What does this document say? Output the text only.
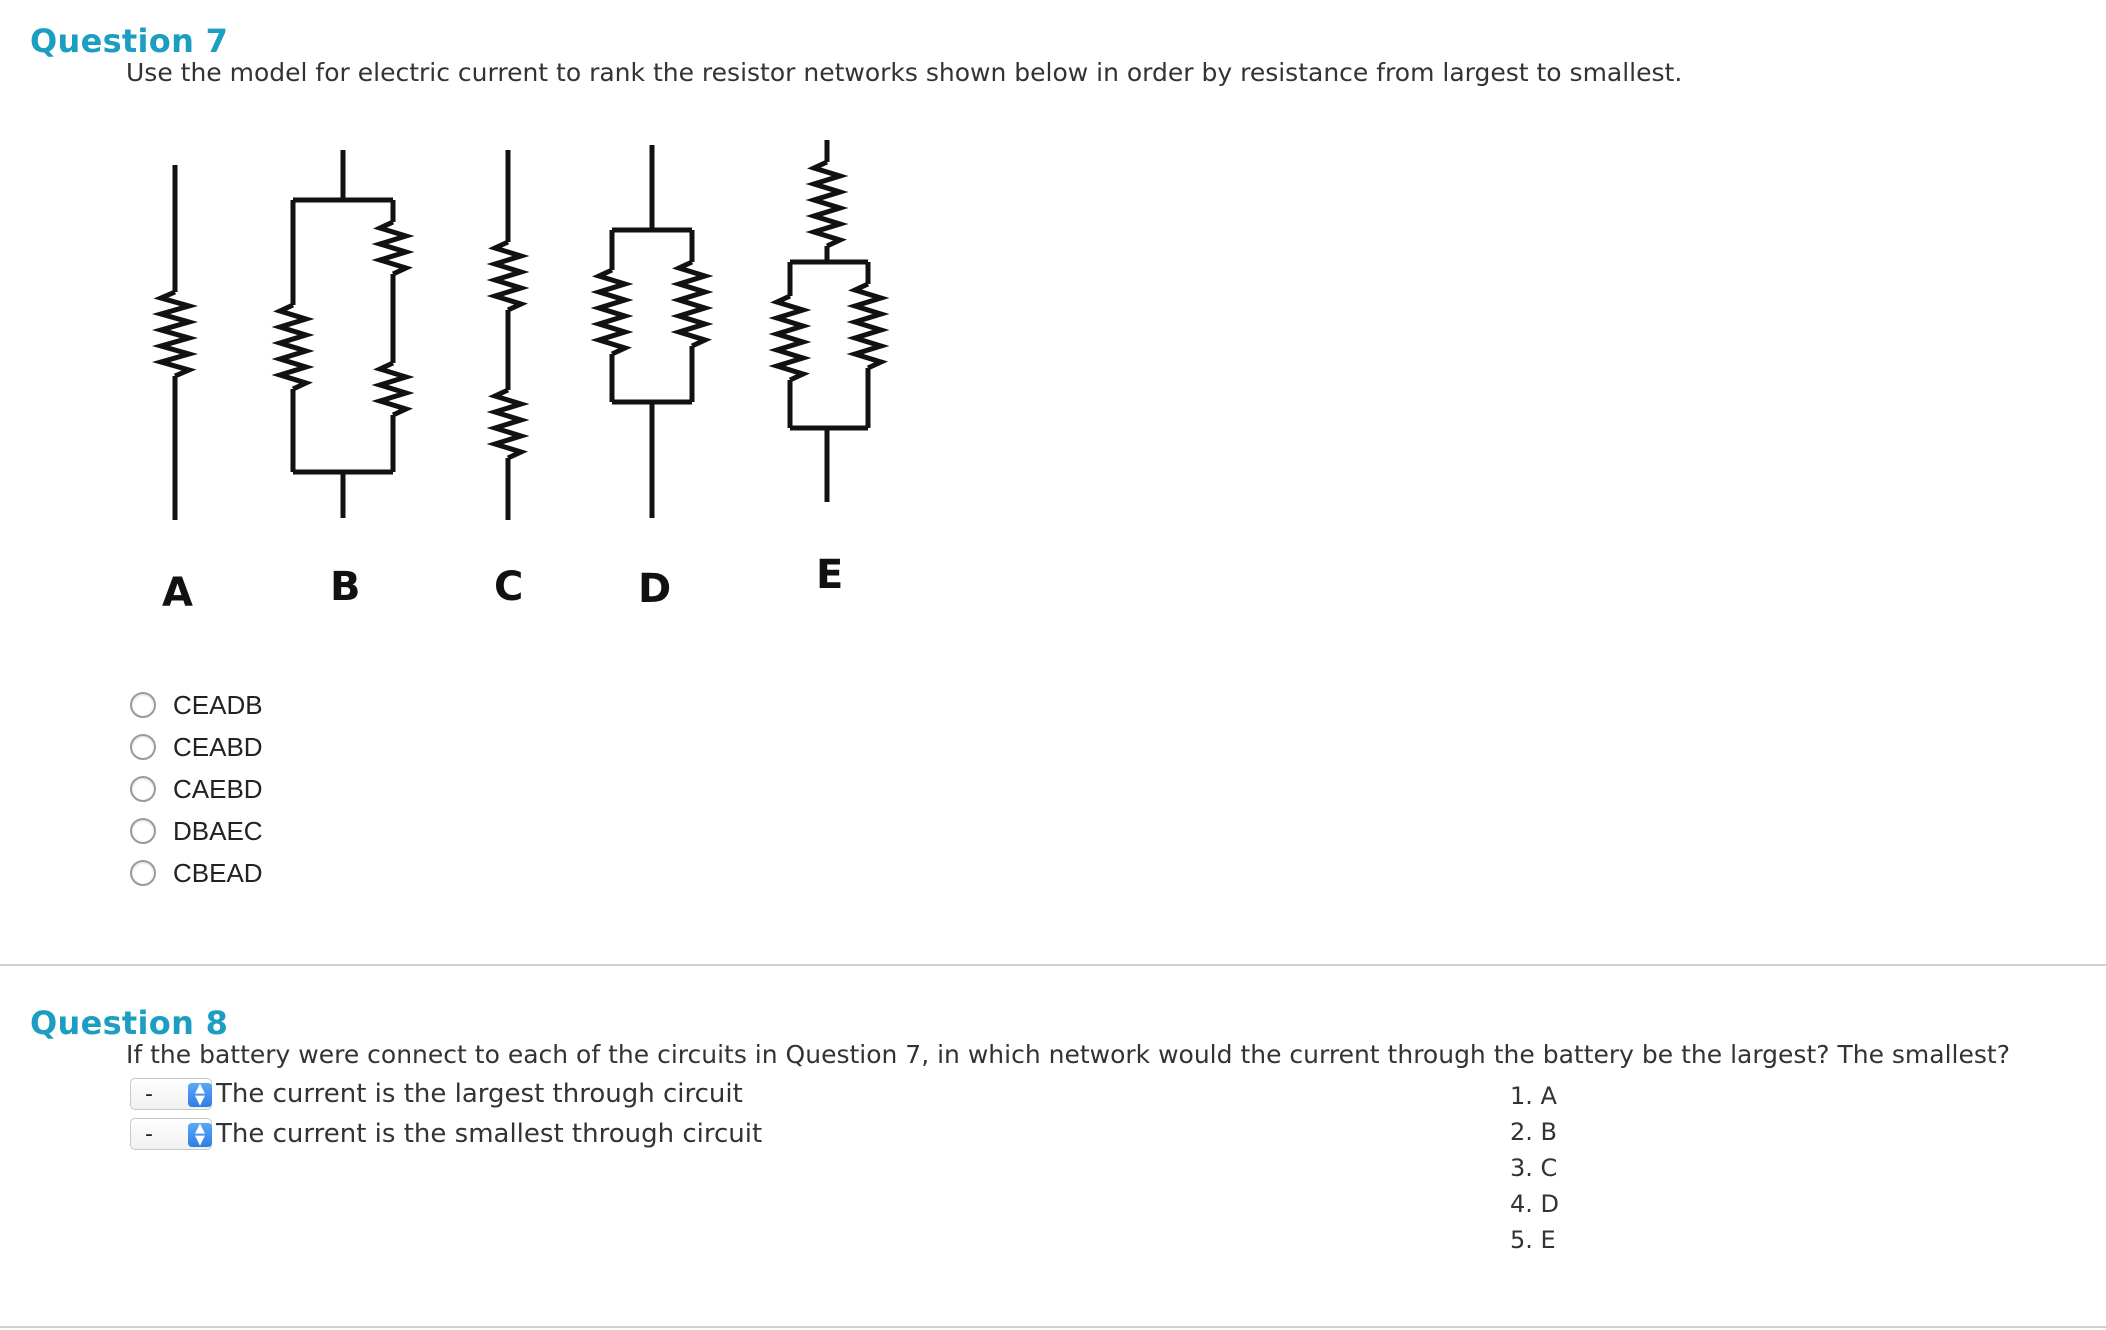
Question 7
Use the model for electric current to rank the resistor networks shown below in order by resistance from largest to smallest.
A	B	C	D	E
CEADB
CEABD
CAEBD
DBAEC
CBEAD
Question 8
If the battery were connect to each of the circuits in Question 7, in which network would the current through the battery be the largest? The smallest?
-	▲
▼ The current is the largest through circuit
-	▲
▼ The current is the smallest through circuit
1. A
2. B
3. C
4. D
5. E
